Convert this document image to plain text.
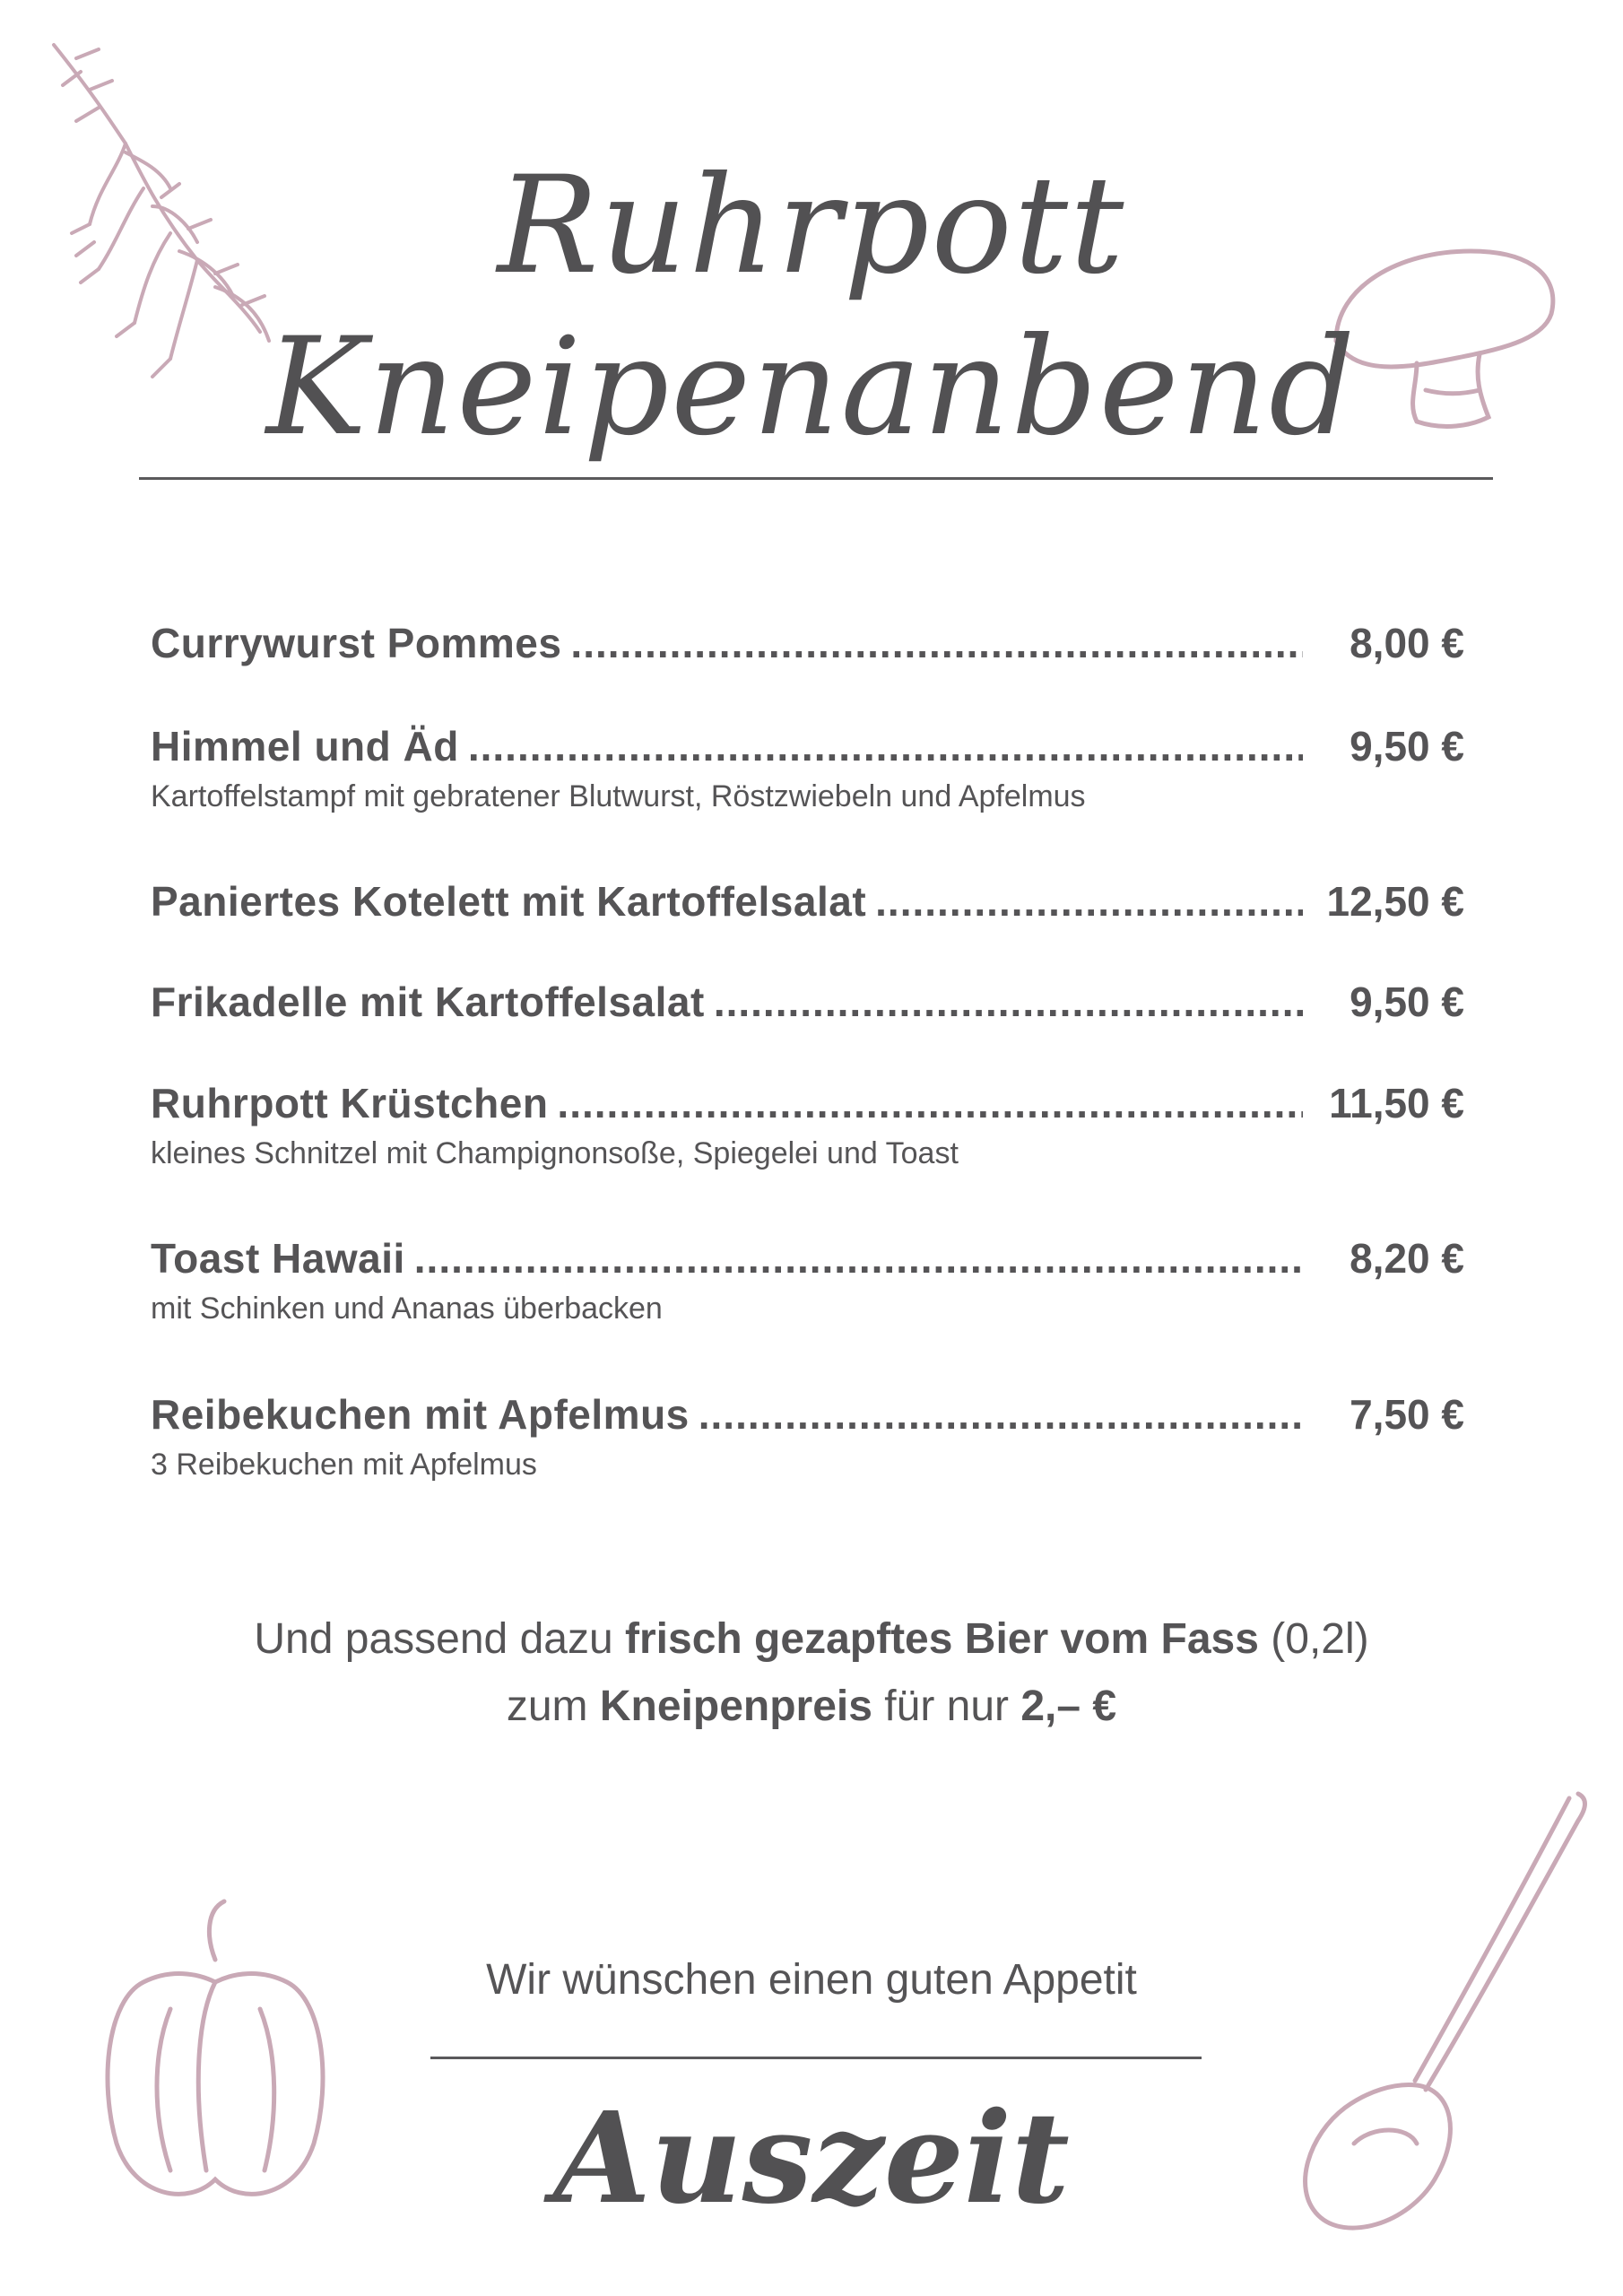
Ruhrpott
Kneipenanbend
Currywurst Pommes .....	8,00 €
Himmel und Äd .....	9,50 €
Kartoffelstampf mit gebratener Blutwurst, Röstzwiebeln und Apfelmus
Paniertes Kotelett mit Kartoffelsalat .....	12,50 €
Frikadelle mit Kartoffelsalat .....	9,50 €
Ruhrpott Krüstchen .....	11,50 €
kleines Schnitzel mit Champignonsoße, Spiegelei und Toast
Toast Hawaii .....	8,20 €
mit Schinken und Ananas überbacken
Reibekuchen mit Apfelmus .....	7,50 €
3 Reibekuchen mit Apfelmus
Und passend dazu frisch gezapftes Bier vom Fass (0,2l)
zum Kneipenpreis für nur 2,– €
Wir wünschen einen guten Appetit
Auszeit
